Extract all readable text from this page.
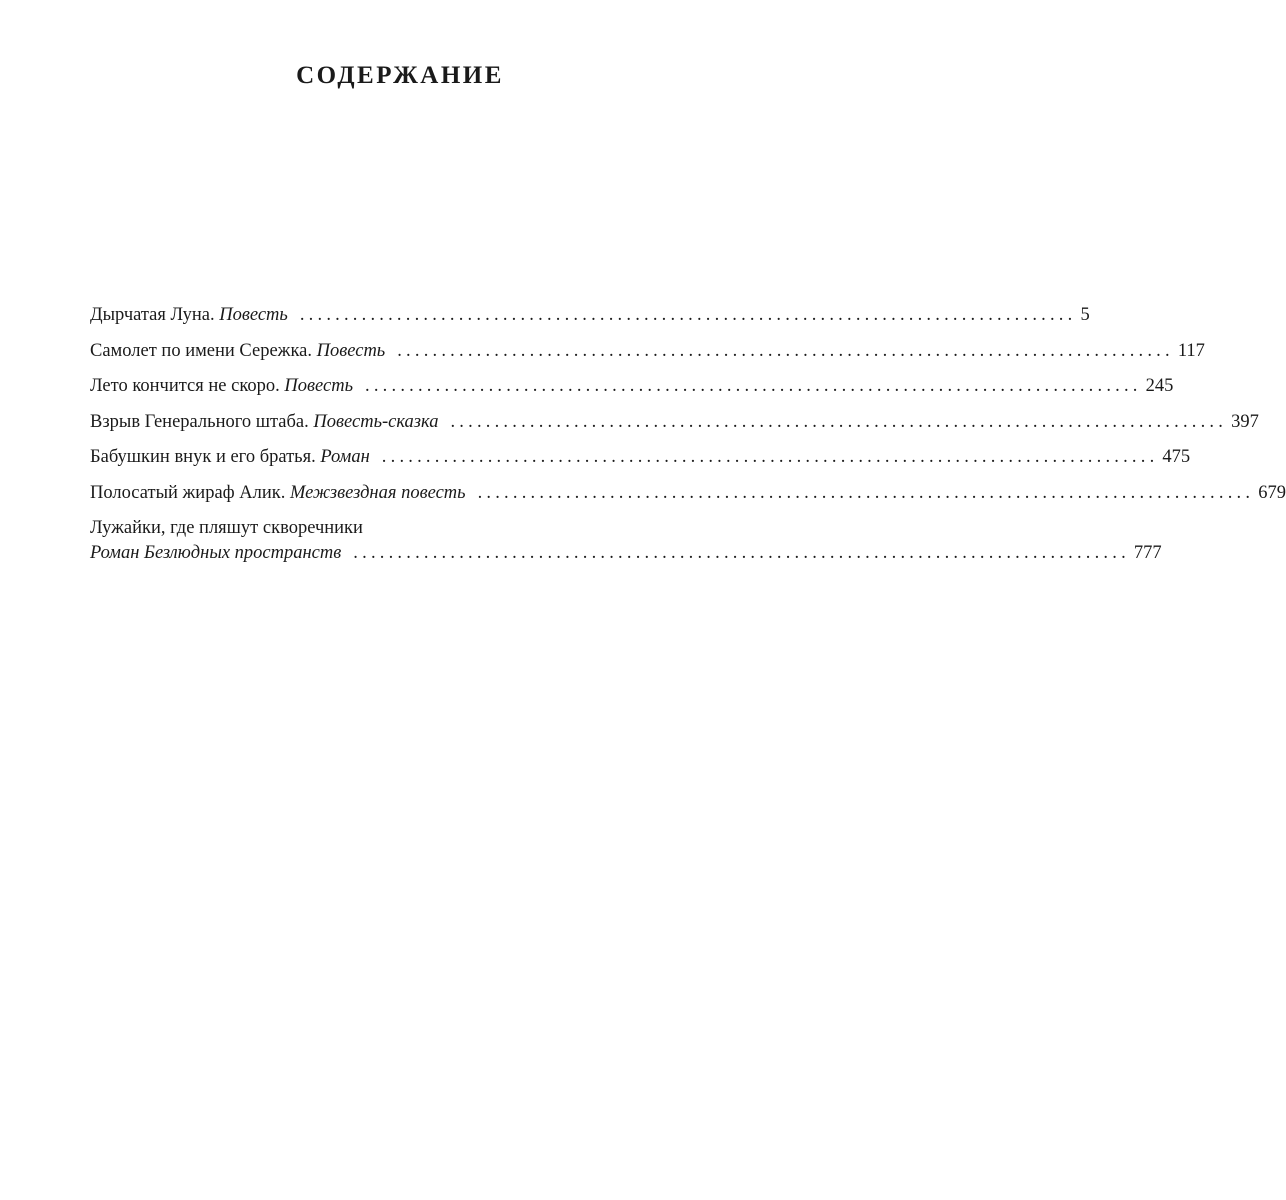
СОДЕРЖАНИЕ
Дырчатая Луна.
Повесть ........................................................................................ 5
Самолет по имени Сережка.
Повесть ........................................................................................ 117
Лето кончится не скоро.
Повесть ........................................................................................ 245
Взрыв Генерального штаба.
Повесть-сказка ........................................................................................ 397
Бабушкин внук и его братья.
Роман ........................................................................................ 475
Полосатый жираф Алик.
Межзвездная повесть ........................................................................................ 679
Лужайки, где пляшут скворечники
Роман Безлюдных пространств ........................................................................................ 777
